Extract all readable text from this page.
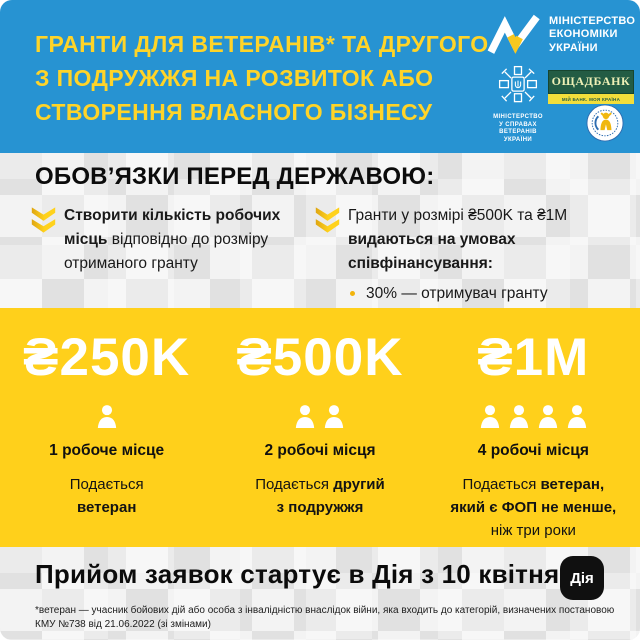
ГРАНТИ ДЛЯ ВЕТЕРАНІВ* ТА ДРУГОГО
З ПОДРУЖЖЯ НА РОЗВИТОК АБО
СТВОРЕННЯ ВЛАСНОГО БІЗНЕСУ
МІНІСТЕРСТВО
ЕКОНОМІКИ
УКРАЇНИ
МІНІСТЕРСТВО
У СПРАВАХ
ВЕТЕРАНІВ
УКРАЇНИ
ОЩАДБАНК
МІЙ БАНК. МОЯ КРАЇНА
ОБОВ’ЯЗКИ ПЕРЕД ДЕРЖАВОЮ:
Створити кількість робочих
місць відповідно до розміру
отриманого гранту
Гранти у розмірі ₴500K та ₴1М
видаються на умовах співфінансування:
30% — отримувач гранту
₴250K
1 робоче місце
Подається
ветеран
₴500K
2 робочі місця
Подається другий
з подружжя
₴1М
4 робочі місця
Подається ветеран,
який є ФОП не менше,
ніж три роки
Прийом заявок стартує в Дія з 10 квітня Дія
*ветеран — учасник бойових дій або особа з інвалідністю внаслідок війни, яка входить до категорій, визначених постановою
КМУ №738 від 21.06.2022 (зі змінами)
